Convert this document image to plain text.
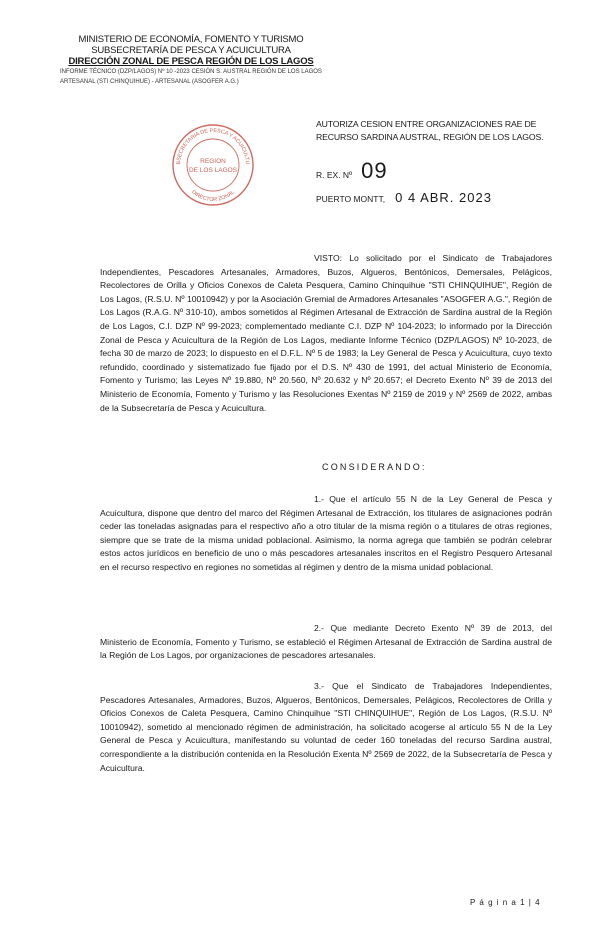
MINISTERIO DE ECONOMÍA, FOMENTO Y TURISMO
SUBSECRETARÍA DE PESCA Y ACUICULTURA
DIRECCIÓN ZONAL DE PESCA REGIÓN DE LOS LAGOS
INFORME TÉCNICO (DZP/LAGOS) Nº 10 -2023 CESIÓN S. AUSTRAL REGIÓN DE LOS LAGOS
ARTESANAL (STI CHINQUIHUE) - ARTESANAL (ASOGFER A.G.)
BSECRETARIA DE PESCA Y ACUICULTU
REGION
DE LOS LAGOS
DIRECTOR ZONAL
AUTORIZA CESION ENTRE ORGANIZACIONES RAE DE RECURSO SARDINA AUSTRAL, REGIÓN DE LOS LAGOS.
R. EX. Nº 09
PUERTO MONTT, 0 4 ABR. 2023
VISTO: Lo solicitado por el Sindicato de Trabajadores Independientes, Pescadores Artesanales, Armadores, Buzos, Algueros, Bentónicos, Demersales, Pelágicos, Recolectores de Orilla y Oficios Conexos de Caleta Pesquera, Camino Chinquihue "STI CHINQUIHUE", Región de Los Lagos, (R.S.U. Nº 10010942) y por la Asociación Gremial de Armadores Artesanales "ASOGFER A.G.", Región de Los Lagos (R.A.G. Nº 310-10), ambos sometidos al Régimen Artesanal de Extracción de Sardina austral de la Región de Los Lagos, C.I. DZP Nº 99-2023; complementado mediante C.I. DZP Nº 104-2023; lo informado por la Dirección Zonal de Pesca y Acuicultura de la Región de Los Lagos, mediante Informe Técnico (DZP/LAGOS) Nº 10-2023, de fecha 30 de marzo de 2023; lo dispuesto en el D.F.L. Nº 5 de 1983; la Ley General de Pesca y Acuicultura, cuyo texto refundido, coordinado y sistematizado fue fijado por el D.S. Nº 430 de 1991, del actual Ministerio de Economía, Fomento y Turismo; las Leyes Nº 19.880, Nº 20.560, Nº 20.632 y Nº 20.657; el Decreto Exento Nº 39 de 2013 del Ministerio de Economía, Fomento y Turismo y las Resoluciones Exentas Nº 2159 de 2019 y Nº 2569 de 2022, ambas de la Subsecretaría de Pesca y Acuicultura.
CONSIDERANDO:
1.- Que el artículo 55 N de la Ley General de Pesca y Acuicultura, dispone que dentro del marco del Régimen Artesanal de Extracción, los titulares de asignaciones podrán ceder las toneladas asignadas para el respectivo año a otro titular de la misma región o a titulares de otras regiones, siempre que se trate de la misma unidad poblacional. Asimismo, la norma agrega que también se podrán celebrar estos actos jurídicos en beneficio de uno o más pescadores artesanales inscritos en el Registro Pesquero Artesanal en el recurso respectivo en regiones no sometidas al régimen y dentro de la misma unidad poblacional.
2.- Que mediante Decreto Exento Nº 39 de 2013, del Ministerio de Economía, Fomento y Turismo, se estableció el Régimen Artesanal de Extracción de Sardina austral de la Región de Los Lagos, por organizaciones de pescadores artesanales.
3.- Que el Sindicato de Trabajadores Independientes, Pescadores Artesanales, Armadores, Buzos, Algueros, Bentónicos, Demersales, Pelágicos, Recolectores de Orilla y Oficios Conexos de Caleta Pesquera, Camino Chinquihue "STI CHINQUIHUE", Región de Los Lagos, (R.S.U. Nº 10010942), sometido al mencionado régimen de administración, ha solicitado acogerse al artículo 55 N de la Ley General de Pesca y Acuicultura, manifestando su voluntad de ceder 160 toneladas del recurso Sardina austral, correspondiente a la distribución contenida en la Resolución Exenta Nº 2569 de 2022, de la Subsecretaría de Pesca y Acuicultura.
P á g i n a 1 | 4
